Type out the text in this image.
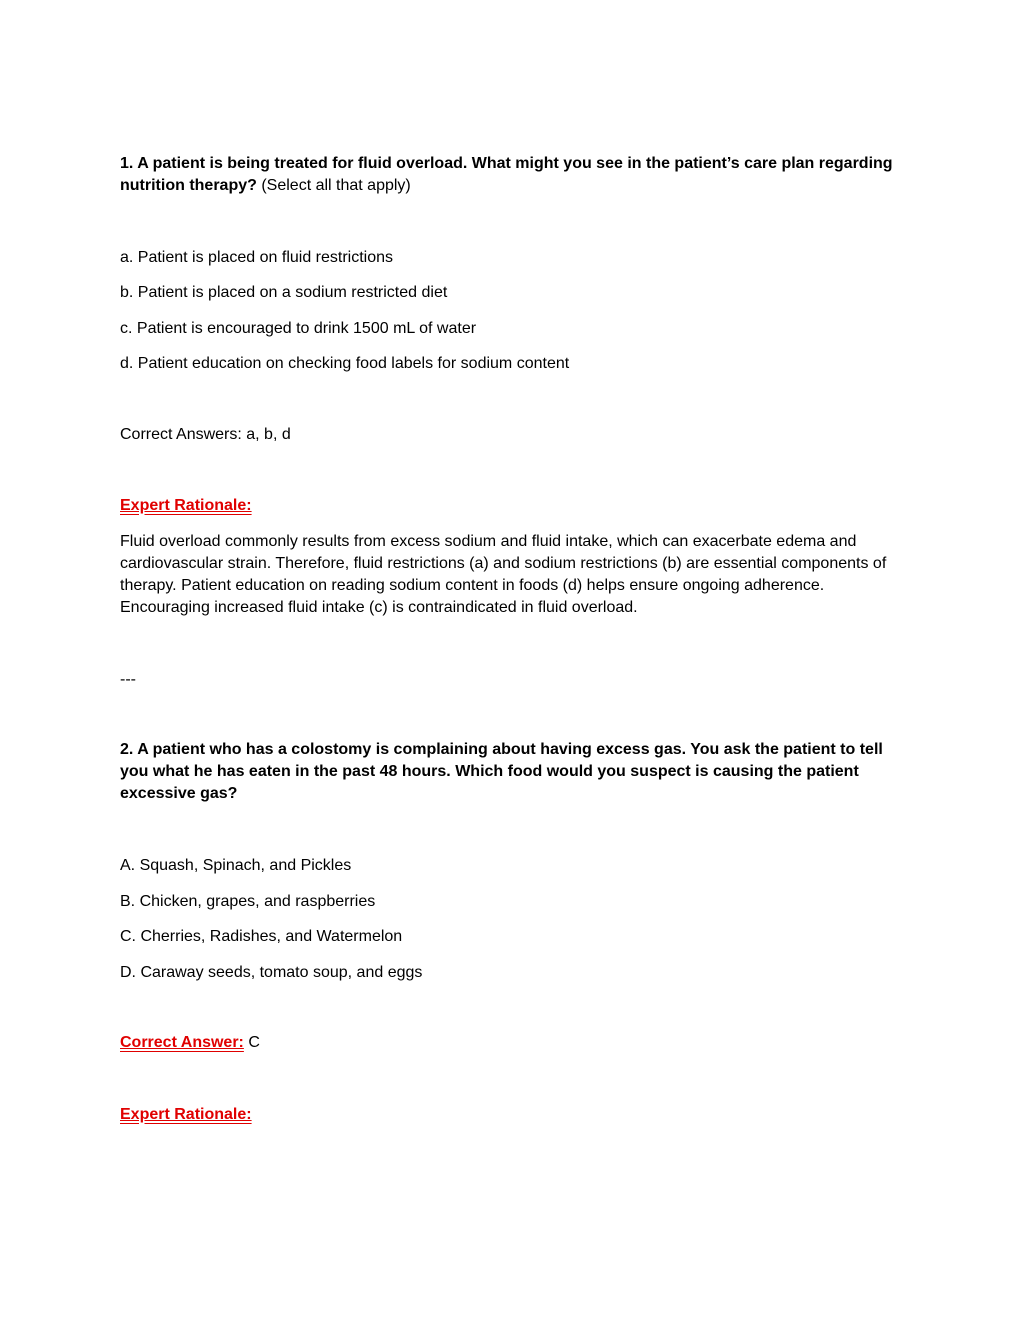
1. A patient is being treated for fluid overload. What might you see in the patient’s care plan regarding nutrition therapy? (Select all that apply)

a. Patient is placed on fluid restrictions

b. Patient is placed on a sodium restricted diet

c. Patient is encouraged to drink 1500 mL of water

d. Patient education on checking food labels for sodium content

Correct Answers: a, b, d

Expert Rationale:

Fluid overload commonly results from excess sodium and fluid intake, which can exacerbate edema and cardiovascular strain. Therefore, fluid restrictions (a) and sodium restrictions (b) are essential components of therapy. Patient education on reading sodium content in foods (d) helps ensure ongoing adherence. Encouraging increased fluid intake (c) is contraindicated in fluid overload.

---

2. A patient who has a colostomy is complaining about having excess gas. You ask the patient to tell you what he has eaten in the past 48 hours. Which food would you suspect is causing the patient excessive gas?

A. Squash, Spinach, and Pickles

B. Chicken, grapes, and raspberries

C. Cherries, Radishes, and Watermelon

D. Caraway seeds, tomato soup, and eggs

Correct Answer: C

Expert Rationale:
